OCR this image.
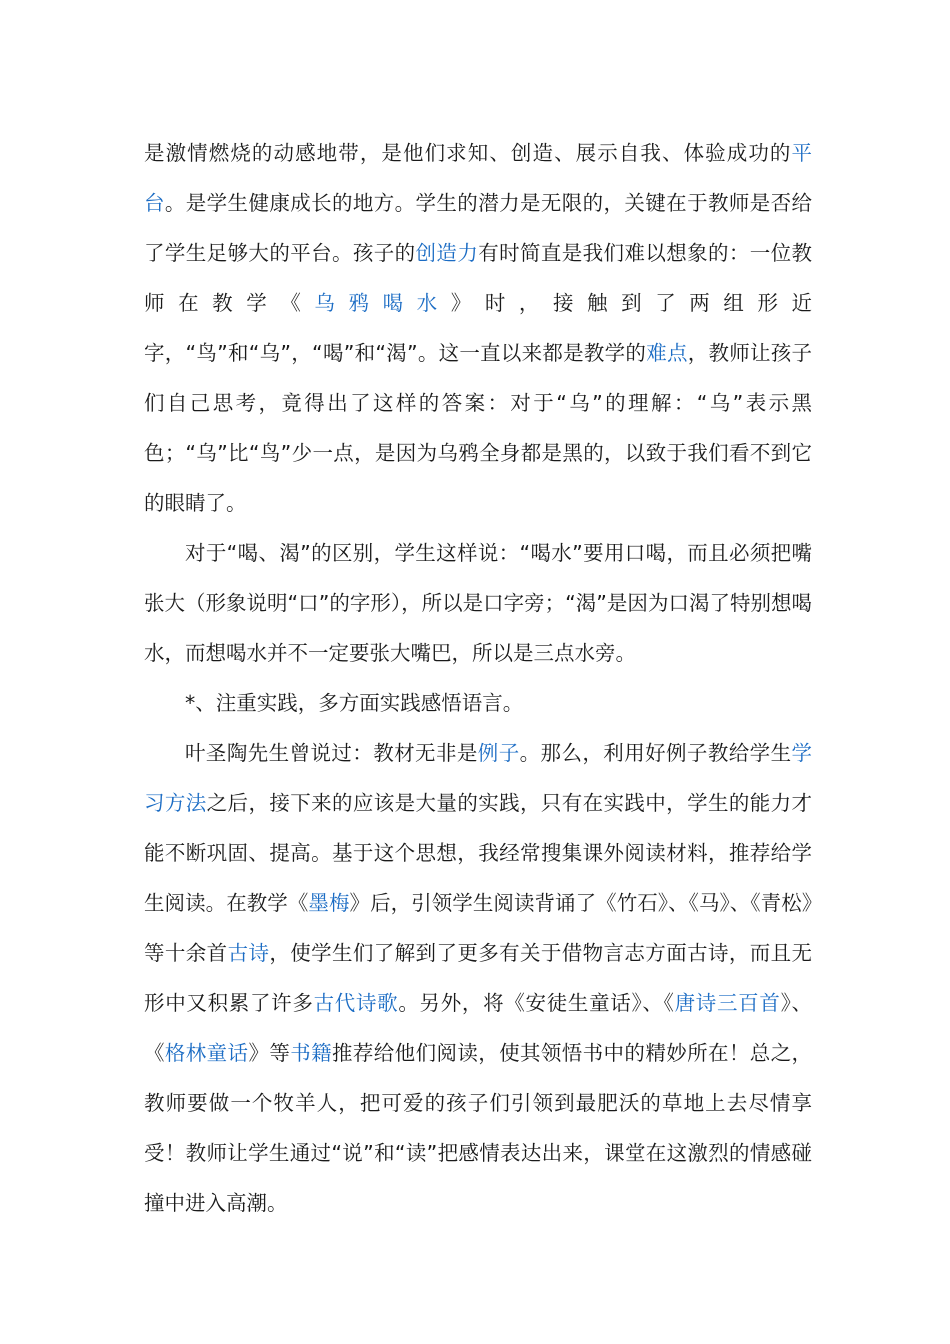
是激情燃烧的动感地带，是他们求知、创造、展示自我、体验成功的平台。是学生健康成长的地方。学生的潜力是无限的，关键在于教师是否给了学生足够大的平台。孩子的创造力有时简直是我们难以想象的：一位教师在教学《乌鸦喝水》时，接触到了两组形近字，“鸟”和“乌”，“喝”和“渴”。这一直以来都是教学的难点，教师让孩子们自己思考，竟得出了这样的答案：对于“乌”的理解：“乌”表示黑色；“乌”比“鸟”少一点，是因为乌鸦全身都是黑的，以致于我们看不到它的眼睛了。

对于“喝、渴”的区别，学生这样说：“喝水”要用口喝，而且必须把嘴张大（形象说明“口”的字形），所以是口字旁；“渴”是因为口渴了特别想喝水，而想喝水并不一定要张大嘴巴，所以是三点水旁。

*、注重实践，多方面实践感悟语言。

叶圣陶先生曾说过：教材无非是例子。那么，利用好例子教给学生学习方法之后，接下来的应该是大量的实践，只有在实践中，学生的能力才能不断巩固、提高。基于这个思想，我经常搜集课外阅读材料，推荐给学生阅读。在教学《墨梅》后，引领学生阅读背诵了《竹石》、《马》、《青松》等十余首古诗，使学生们了解到了更多有关于借物言志方面古诗，而且无形中又积累了许多古代诗歌。另外，将《安徒生童话》、《唐诗三百首》、《格林童话》等书籍推荐给他们阅读，使其领悟书中的精妙所在！总之，教师要做一个牧羊人，把可爱的孩子们引领到最肥沃的草地上去尽情享受！教师让学生通过“说”和“读”把感情表达出来，课堂在这激烈的情感碰撞中进入高潮。
